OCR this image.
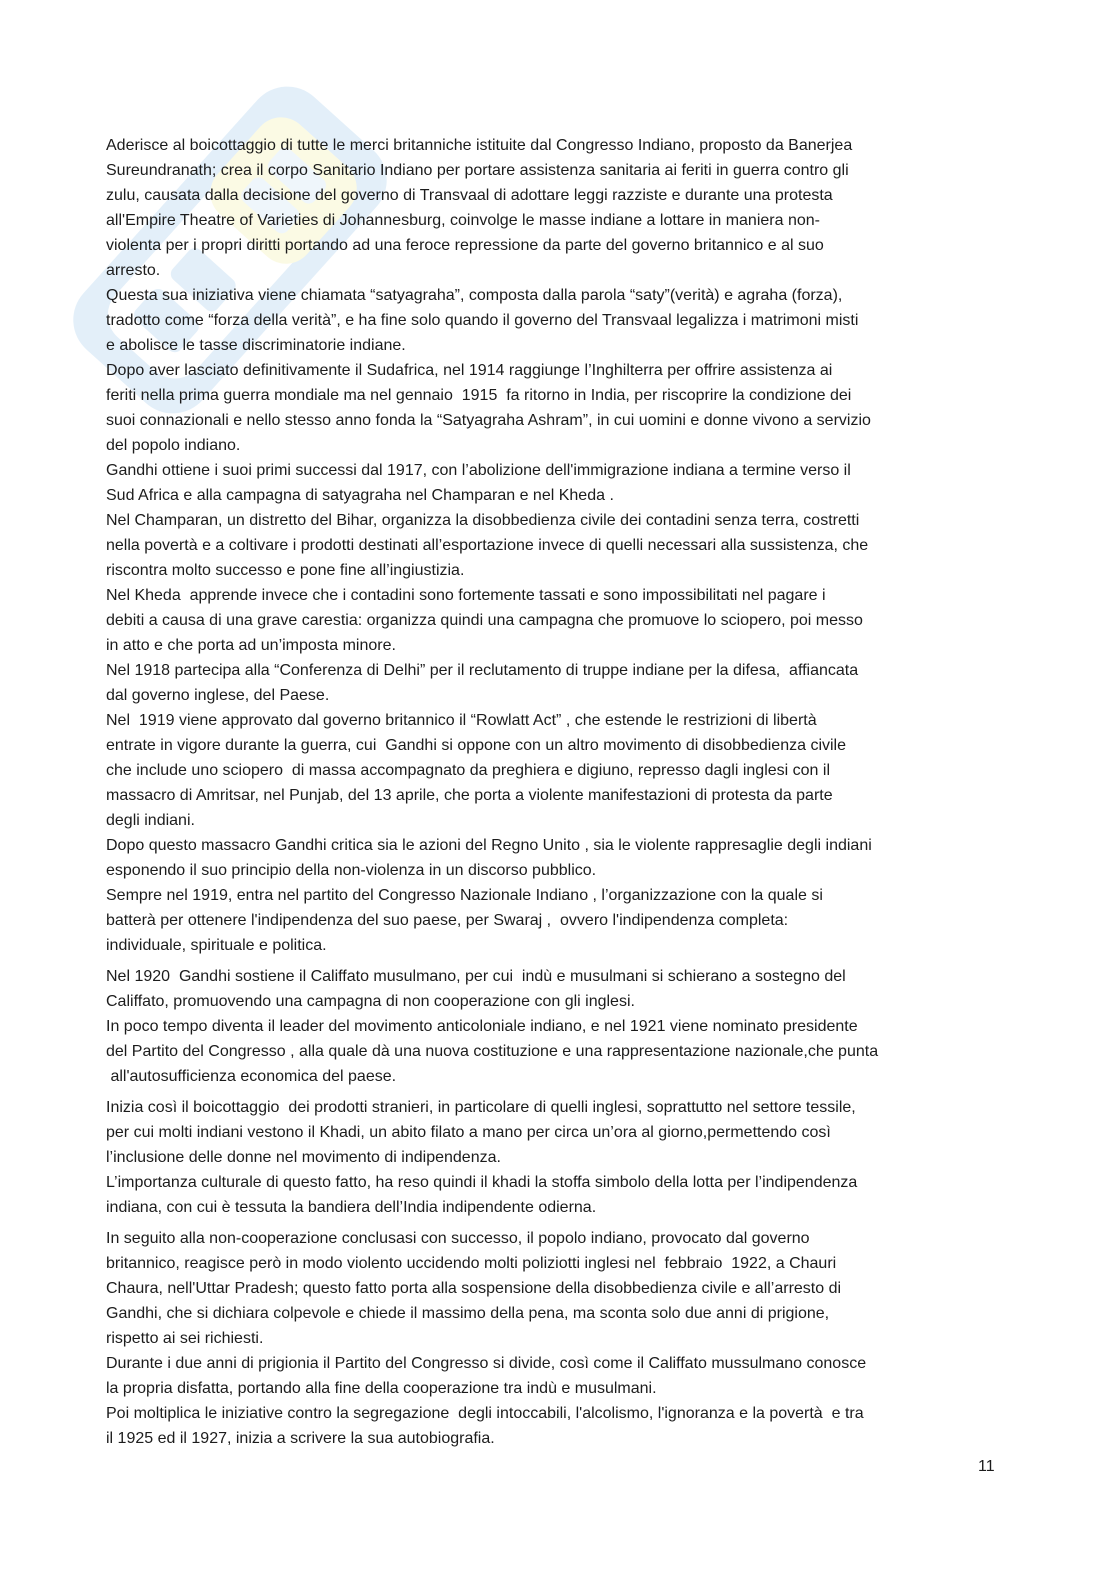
Aderisce al boicottaggio di tutte le merci britanniche istituite dal Congresso Indiano, proposto da Banerjea
Sureundranath; crea il corpo Sanitario Indiano per portare assistenza sanitaria ai feriti in guerra contro gli
zulu, causata dalla decisione del governo di Transvaal di adottare leggi razziste e durante una protesta
all'Empire Theatre of Varieties di Johannesburg, coinvolge le masse indiane a lottare in maniera non-
violenta per i propri diritti portando ad una feroce repressione da parte del governo britannico e al suo
arresto.
Questa sua iniziativa viene chiamata “satyagraha”, composta dalla parola “saty”(verità) e agraha (forza),
tradotto come “forza della verità”, e ha fine solo quando il governo del Transvaal legalizza i matrimoni misti
e abolisce le tasse discriminatorie indiane.
Dopo aver lasciato definitivamente il Sudafrica, nel 1914 raggiunge l’Inghilterra per offrire assistenza ai
feriti nella prima guerra mondiale ma nel gennaio  1915  fa ritorno in India, per riscoprire la condizione dei
suoi connazionali e nello stesso anno fonda la “Satyagraha Ashram”, in cui uomini e donne vivono a servizio
del popolo indiano.
Gandhi ottiene i suoi primi successi dal 1917, con l’abolizione dell'immigrazione indiana a termine verso il
Sud Africa e alla campagna di satyagraha nel Champaran e nel Kheda .
Nel Champaran, un distretto del Bihar, organizza la disobbedienza civile dei contadini senza terra, costretti
nella povertà e a coltivare i prodotti destinati all’esportazione invece di quelli necessari alla sussistenza, che
riscontra molto successo e pone fine all’ingiustizia.
Nel Kheda  apprende invece che i contadini sono fortemente tassati e sono impossibilitati nel pagare i
debiti a causa di una grave carestia: organizza quindi una campagna che promuove lo sciopero, poi messo
in atto e che porta ad un’imposta minore.
Nel 1918 partecipa alla “Conferenza di Delhi” per il reclutamento di truppe indiane per la difesa,  affiancata
dal governo inglese, del Paese.
Nel  1919 viene approvato dal governo britannico il “Rowlatt Act” , che estende le restrizioni di libertà
entrate in vigore durante la guerra, cui  Gandhi si oppone con un altro movimento di disobbedienza civile
che include uno sciopero  di massa accompagnato da preghiera e digiuno, represso dagli inglesi con il
massacro di Amritsar, nel Punjab, del 13 aprile, che porta a violente manifestazioni di protesta da parte
degli indiani.
Dopo questo massacro Gandhi critica sia le azioni del Regno Unito , sia le violente rappresaglie degli indiani
esponendo il suo principio della non-violenza in un discorso pubblico.
Sempre nel 1919, entra nel partito del Congresso Nazionale Indiano , l’organizzazione con la quale si
batterà per ottenere l'indipendenza del suo paese, per Swaraj ,  ovvero l'indipendenza completa:
individuale, spirituale e politica.
Nel 1920  Gandhi sostiene il Califfato musulmano, per cui  indù e musulmani si schierano a sostegno del
Califfato, promuovendo una campagna di non cooperazione con gli inglesi.
In poco tempo diventa il leader del movimento anticoloniale indiano, e nel 1921 viene nominato presidente
del Partito del Congresso , alla quale dà una nuova costituzione e una rappresentazione nazionale,che punta
all'autosufficienza economica del paese.
Inizia così il boicottaggio  dei prodotti stranieri, in particolare di quelli inglesi, soprattutto nel settore tessile,
per cui molti indiani vestono il Khadi, un abito filato a mano per circa un’ora al giorno,permettendo così
l’inclusione delle donne nel movimento di indipendenza.
L’importanza culturale di questo fatto, ha reso quindi il khadi la stoffa simbolo della lotta per l’indipendenza
indiana, con cui è tessuta la bandiera dell’India indipendente odierna.
In seguito alla non-cooperazione conclusasi con successo, il popolo indiano, provocato dal governo
britannico, reagisce però in modo violento uccidendo molti poliziotti inglesi nel  febbraio  1922, a Chauri
Chaura, nell'Uttar Pradesh; questo fatto porta alla sospensione della disobbedienza civile e all’arresto di
Gandhi, che si dichiara colpevole e chiede il massimo della pena, ma sconta solo due anni di prigione,
rispetto ai sei richiesti.
Durante i due anni di prigionia il Partito del Congresso si divide, così come il Califfato mussulmano conosce
la propria disfatta, portando alla fine della cooperazione tra indù e musulmani.
Poi moltiplica le iniziative contro la segregazione  degli intoccabili, l'alcolismo, l'ignoranza e la povertà  e tra
il 1925 ed il 1927, inizia a scrivere la sua autobiografia.
11
